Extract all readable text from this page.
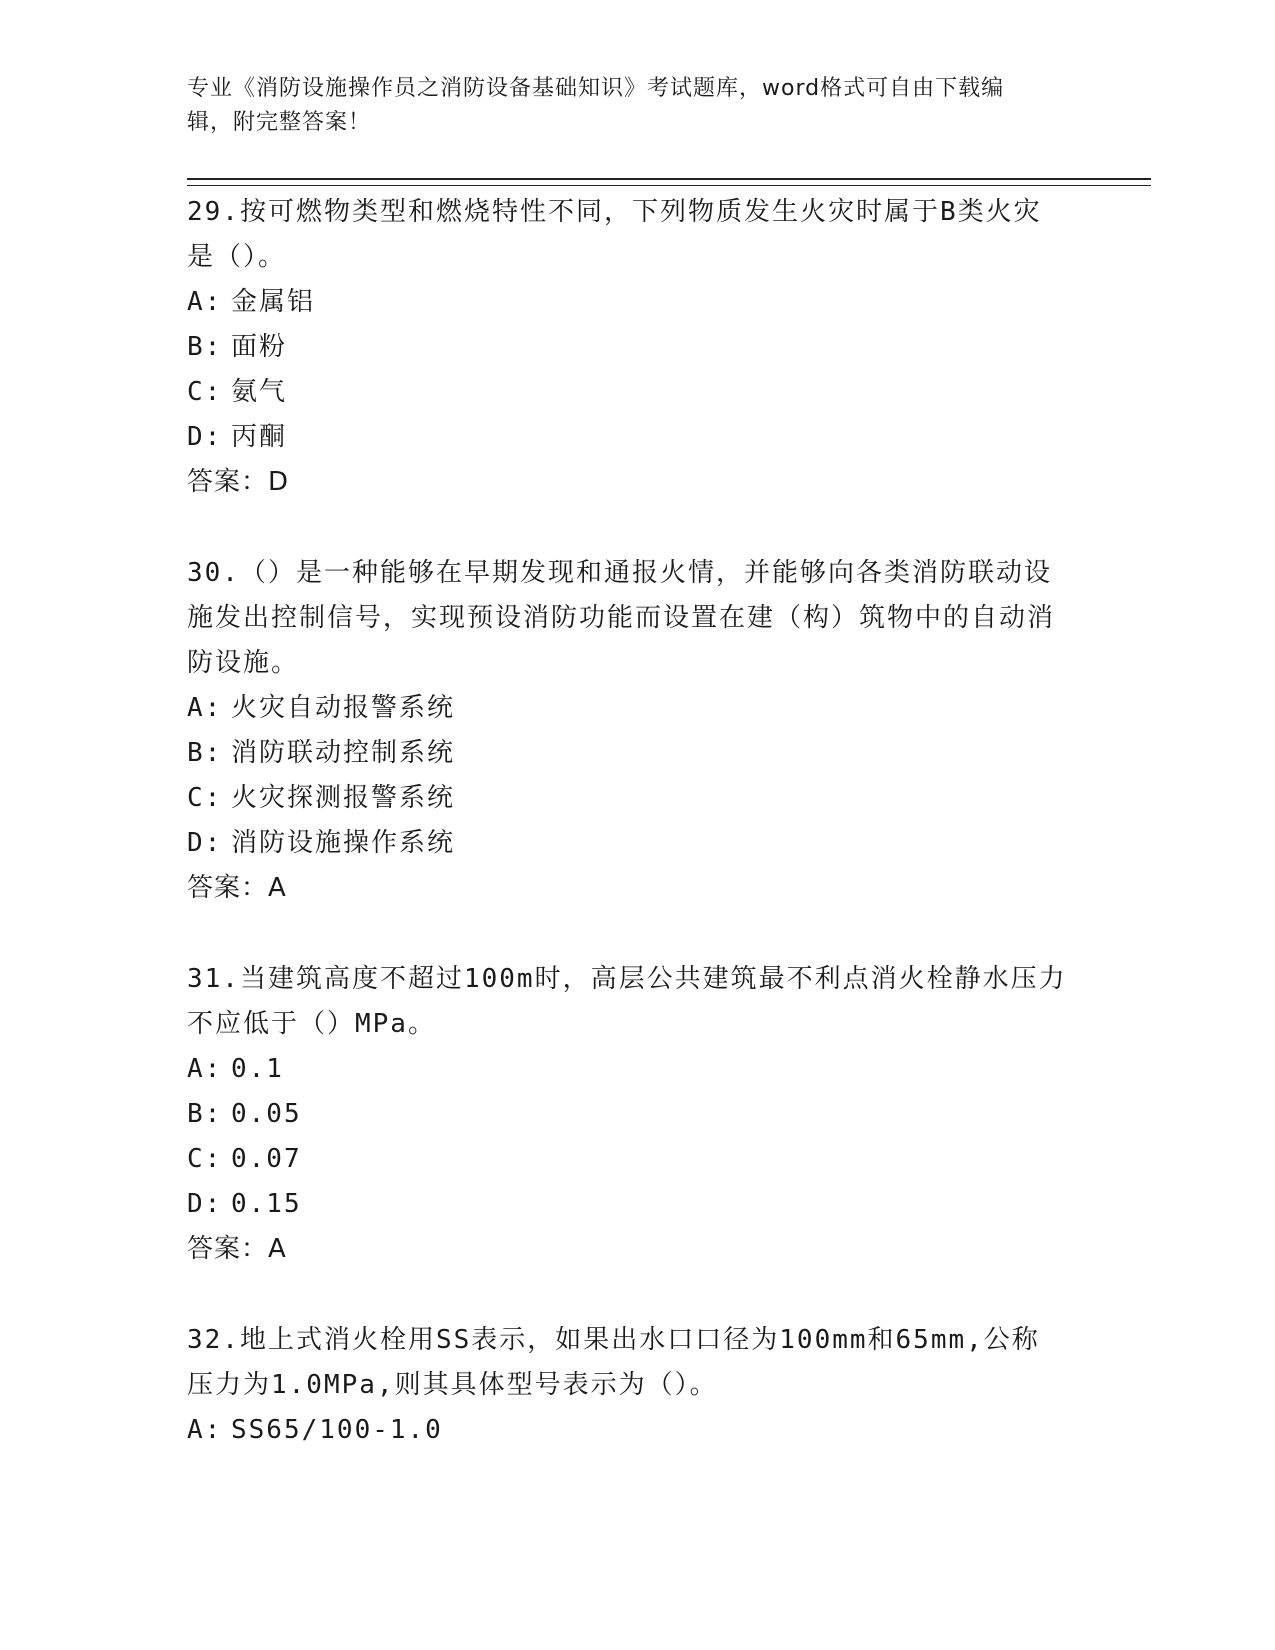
专业《消防设施操作员之消防设备基础知识》考试题库，word格式可自由下载编
辑，附完整答案！
29.按可燃物类型和燃烧特性不同，下列物质发生火灾时属于B类火灾是（）。
A: 金属铝
B: 面粉
C: 氨气
D: 丙酮
答案：D
30.（）是一种能够在早期发现和通报火情，并能够向各类消防联动设施发出控制信号，实现预设消防功能而设置在建（构）筑物中的自动消防设施。
A: 火灾自动报警系统
B: 消防联动控制系统
C: 火灾探测报警系统
D: 消防设施操作系统
答案：A
31.当建筑高度不超过100m时，高层公共建筑最不利点消火栓静水压力不应低于（）MPa。
A: 0.1
B: 0.05
C: 0.07
D: 0.15
答案：A
32.地上式消火栓用SS表示，如果出水口口径为100mm和65mm,公称压力为1.0MPa,则其具体型号表示为（）。
A: SS65/100-1.0
